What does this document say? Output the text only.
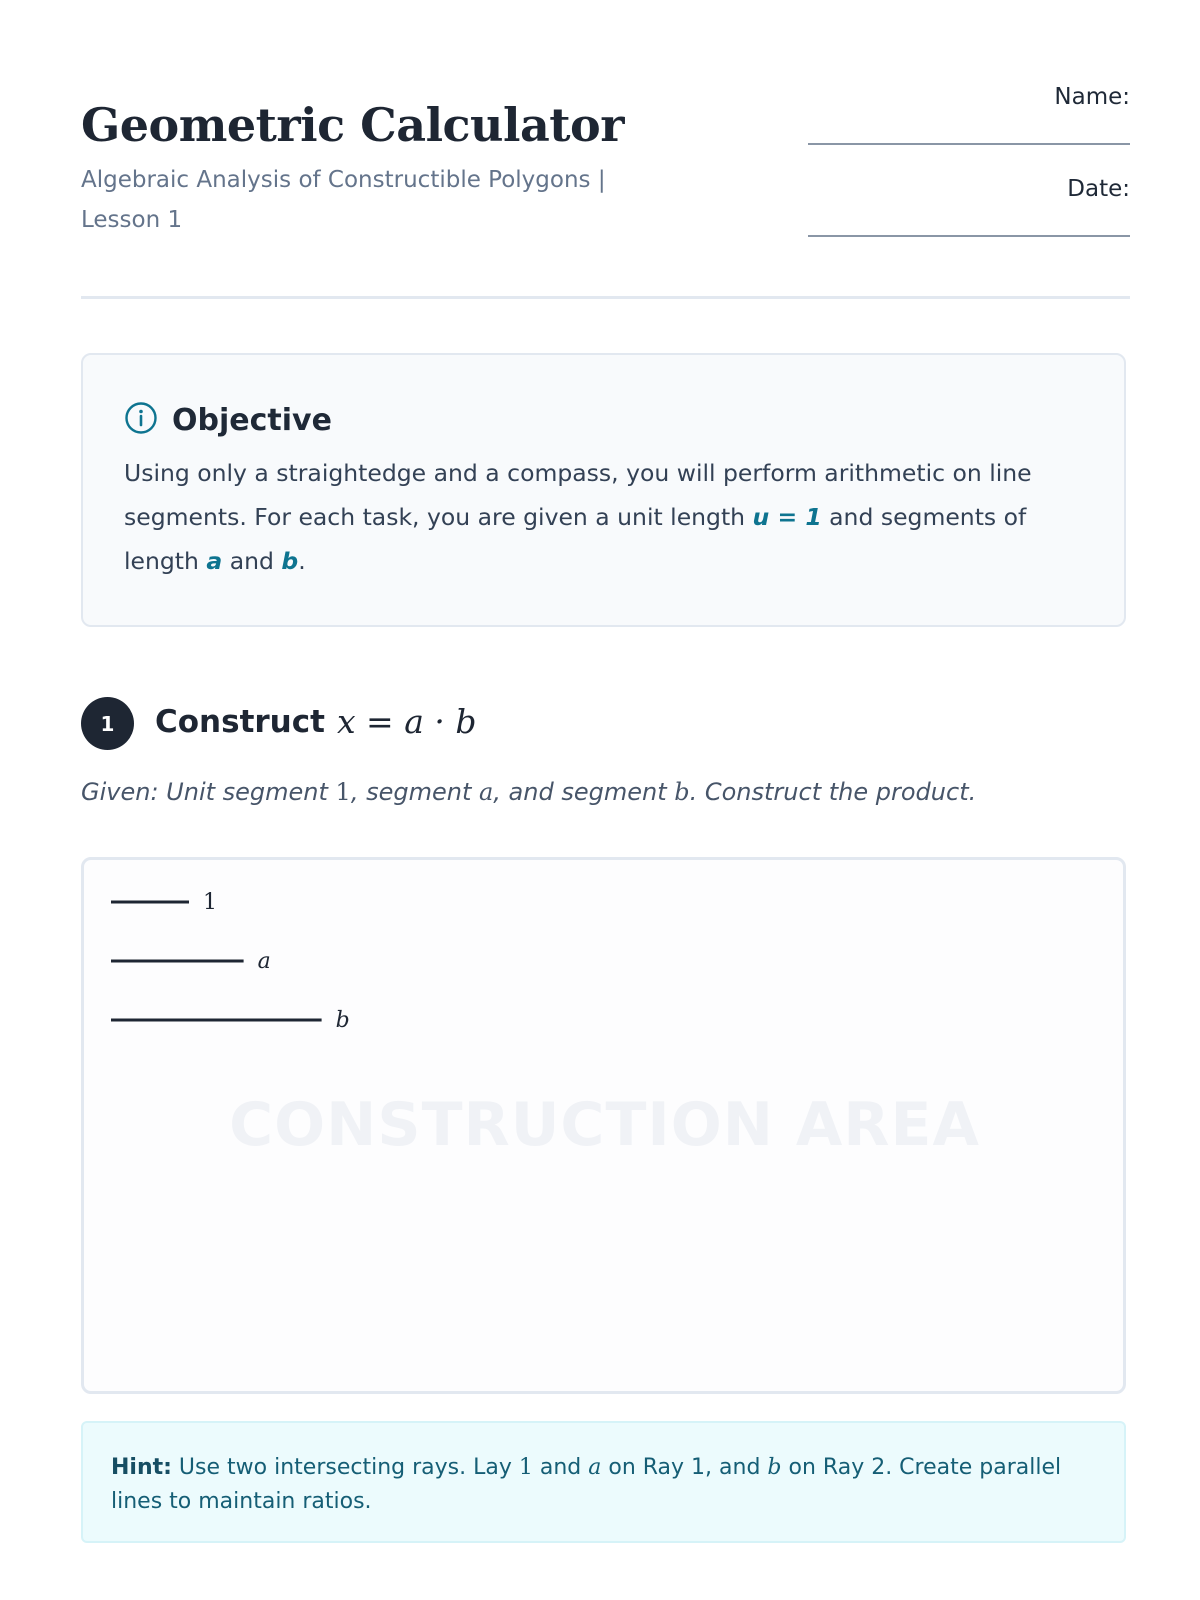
Geometric Calculator

Algebraic Analysis of Constructible Polygons | Lesson 1

Name:
Date:
Objective
Using only a straightedge and a compass, you will perform arithmetic on line segments. For each task, you are given a unit length u = 1 and segments of length a and b.
1	Construct x = a · b
Given: Unit segment 1, segment a, and segment b. Construct the product.
CONSTRUCTION AREA
1
a
b
Hint: Use two intersecting rays. Lay 1 and a on Ray 1, and b on Ray 2. Create parallel lines to maintain ratios.
